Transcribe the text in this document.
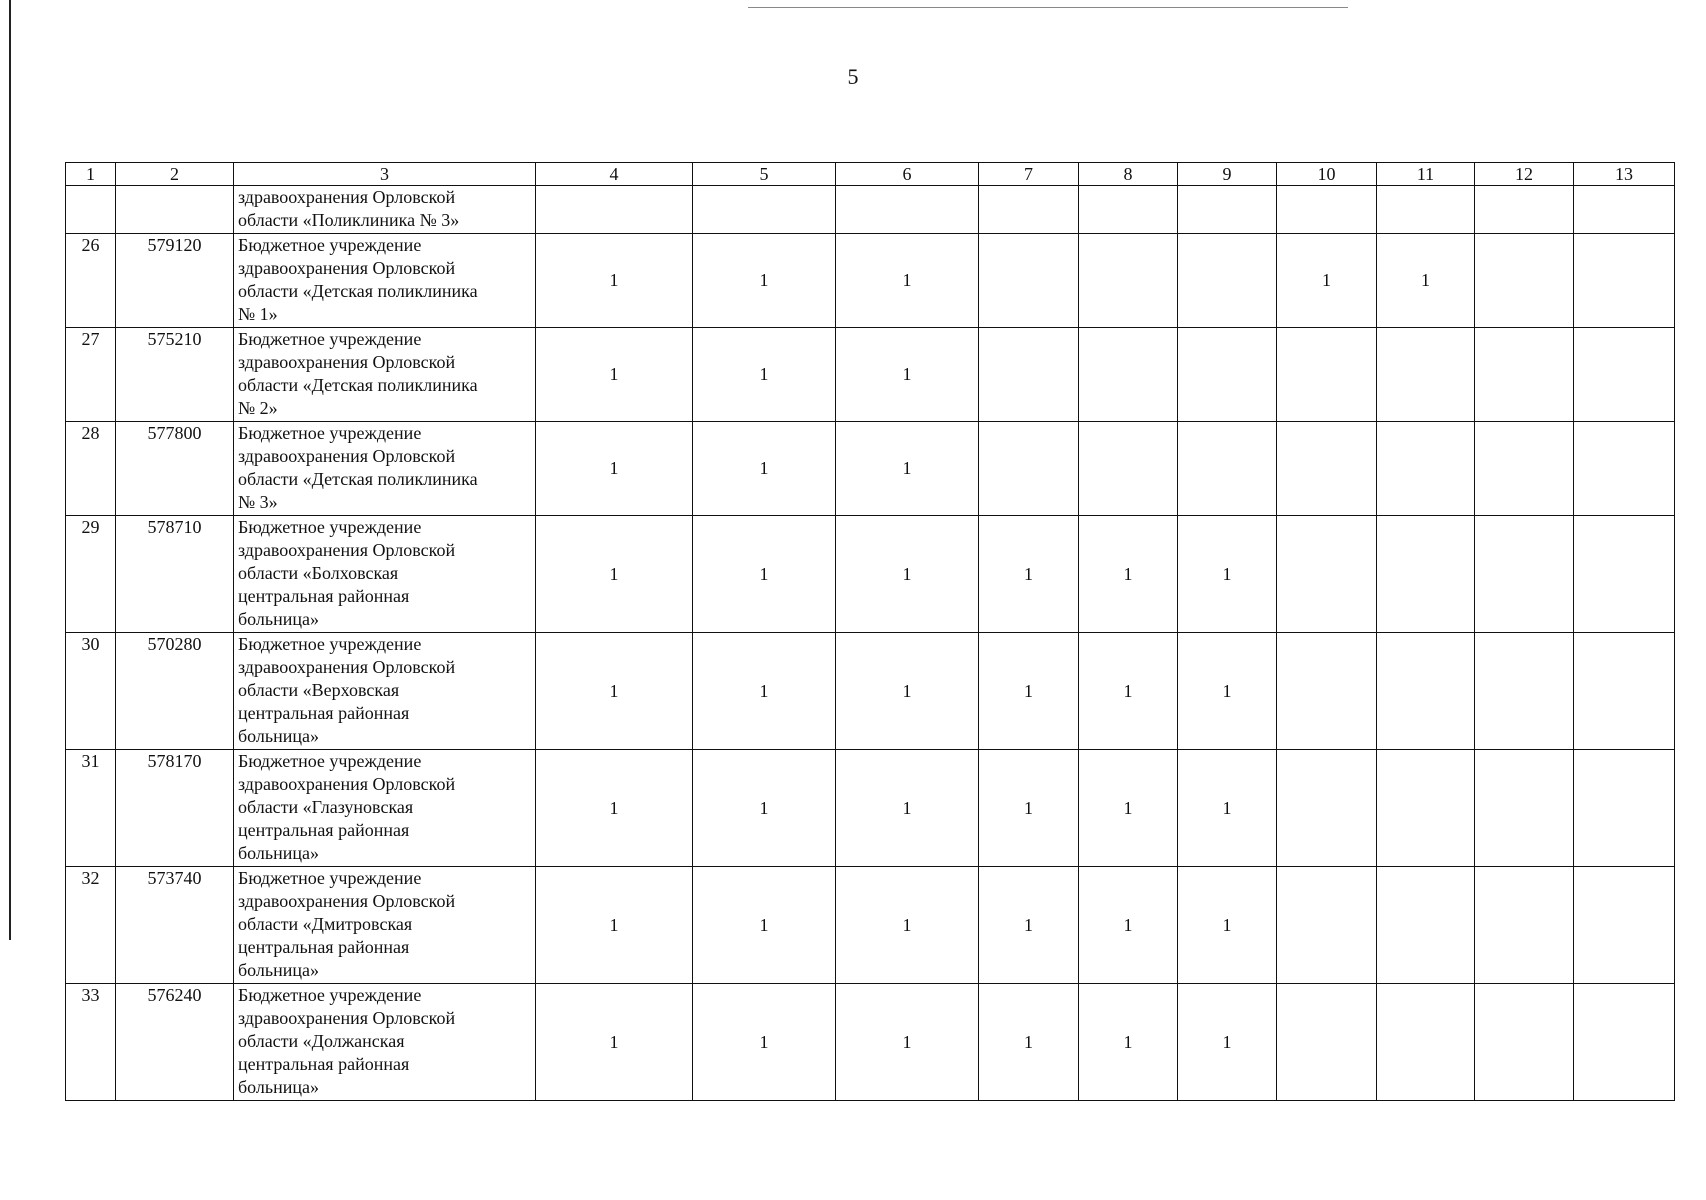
5
1	2	3	4	5	6	7	8	9	10	11	12	13

		здравоохранения Орловской
области «Поликлиника № 3»										

26	579120	Бюджетное учреждение
здравоохранения Орловской
области «Детская поликлиника
№ 1»	1	1	1				1	1		
27	575210	Бюджетное учреждение
здравоохранения Орловской
области «Детская поликлиника
№ 2»	1	1	1							
28	577800	Бюджетное учреждение
здравоохранения Орловской
области «Детская поликлиника
№ 3»	1	1	1							
29	578710	Бюджетное учреждение
здравоохранения Орловской
области «Болховская
центральная районная
больница»	1	1	1	1	1	1				
30	570280	Бюджетное учреждение
здравоохранения Орловской
области «Верховская
центральная районная
больница»	1	1	1	1	1	1				
31	578170	Бюджетное учреждение
здравоохранения Орловской
области «Глазуновская
центральная районная
больница»	1	1	1	1	1	1				
32	573740	Бюджетное учреждение
здравоохранения Орловской
области «Дмитровская
центральная районная
больница»	1	1	1	1	1	1				
33	576240	Бюджетное учреждение
здравоохранения Орловской
области «Должанская
центральная районная
больница»	1	1	1	1	1	1				
